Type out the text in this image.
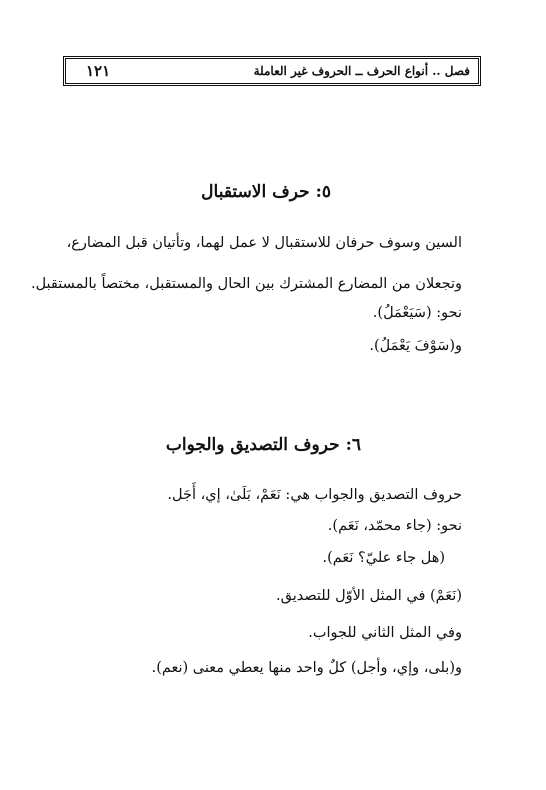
فصل .. أنواع الحرف ــ الحروف غير العاملة
١٢١
٥: حرف الاستقبال
السين وسوف حرفان للاستقبال لا عمل لهما، وتأتيان قبل المضارع،
وتجعلان من المضارع المشترك بين الحال والمستقبل، مختصاً بالمستقبل.
نحو: (سَيَعْمَلُ).
و(سَوْفَ يَعْمَلُ).
٦: حروف التصديق والجواب
حروف التصديق والجواب هي: نَعَمْ، بَلَىٰ، إي، أَجَل.
نحو: (جاء محمّد، نَعَم).
(هل جاء عليّ؟ نَعَم).
(نَعَمْ) في المثل الأوّل للتصديق.
وفي المثل الثاني للجواب.
و(بلى، وإي، وأجل) كلٌ واحد منها يعطي معنى (نعم).
